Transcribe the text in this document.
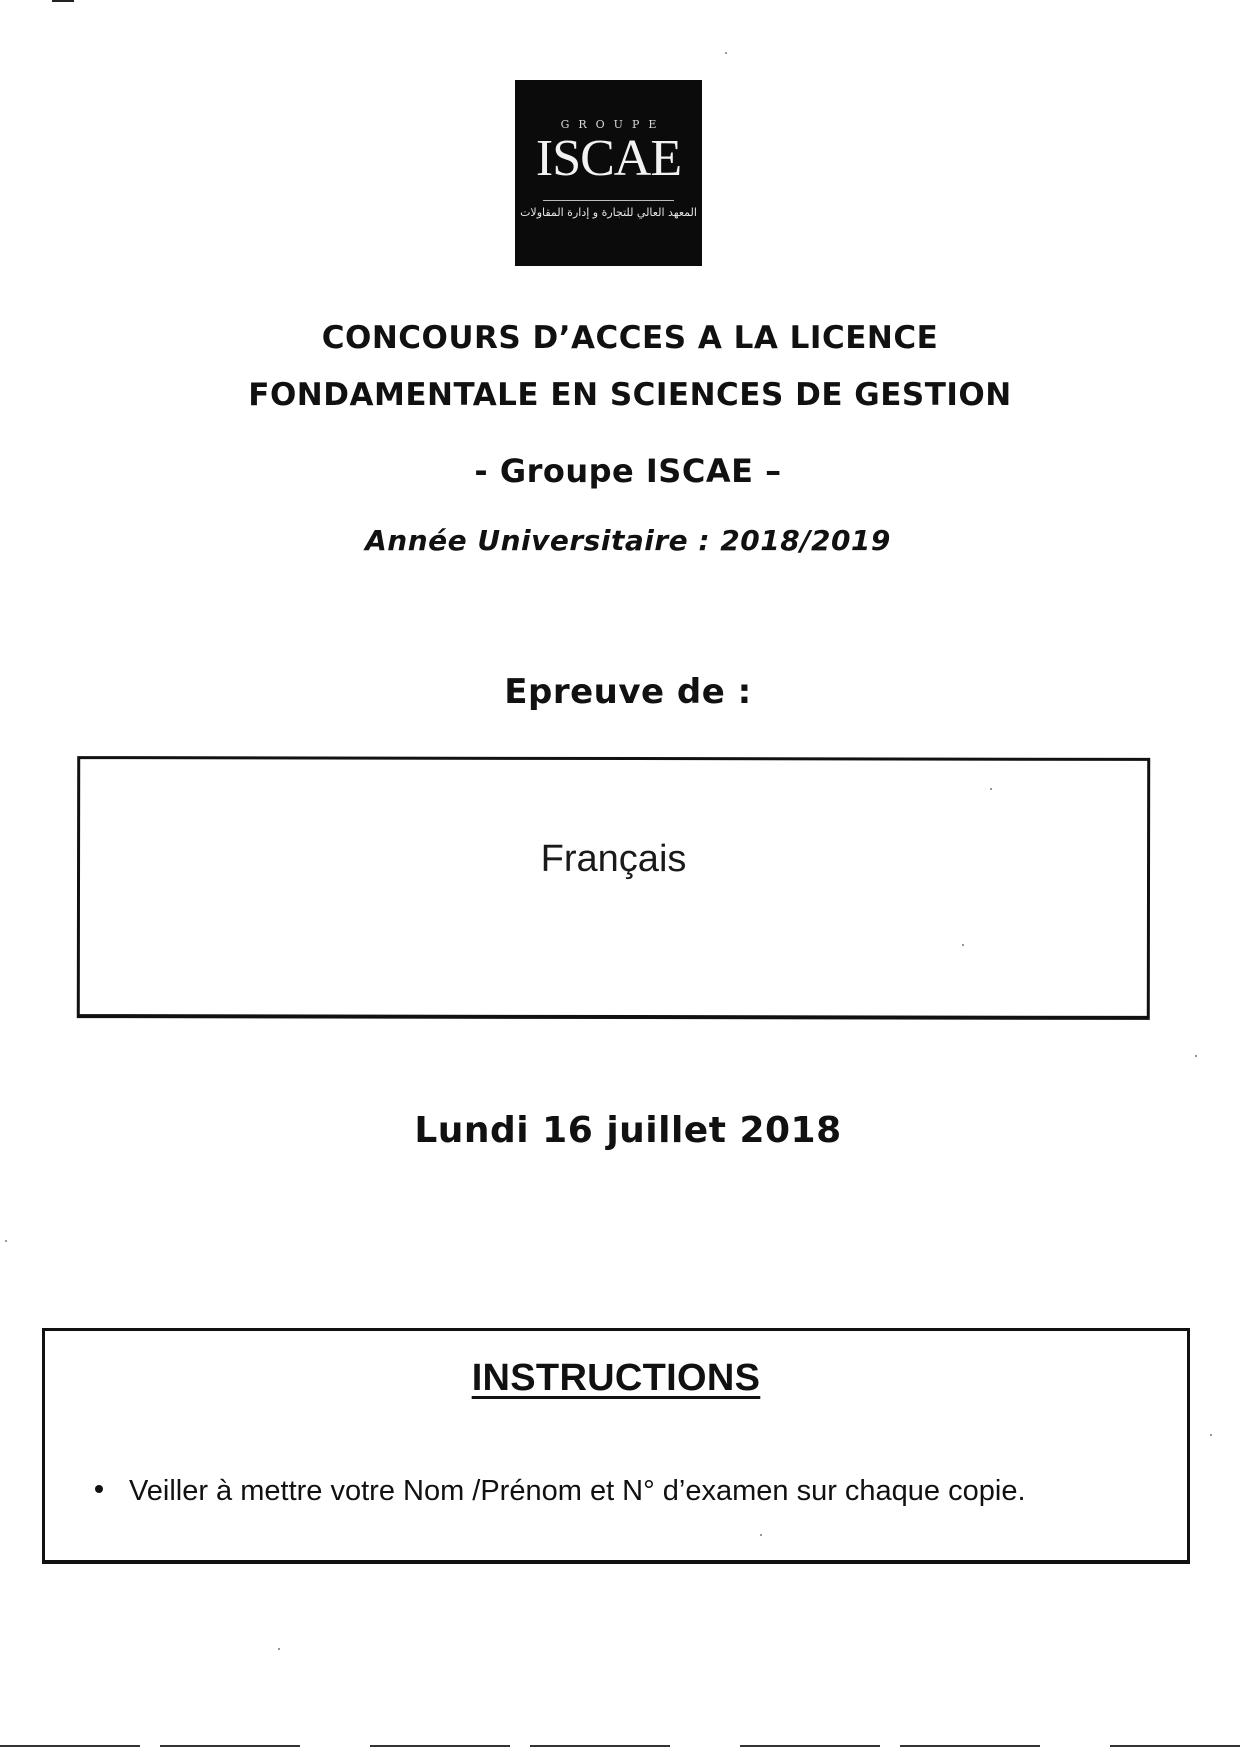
GROUPE
ISCAE
المعهد العالي للتجارة و إدارة المقاولات
CONCOURS D’ACCES A LA LICENCE
FONDAMENTALE EN SCIENCES DE GESTION
- Groupe ISCAE –
Année Universitaire : 2018/2019
Epreuve de :
Français
Lundi 16 juillet 2018
INSTRUCTIONS
Veiller à mettre votre Nom /Prénom et N° d’examen sur chaque copie.
